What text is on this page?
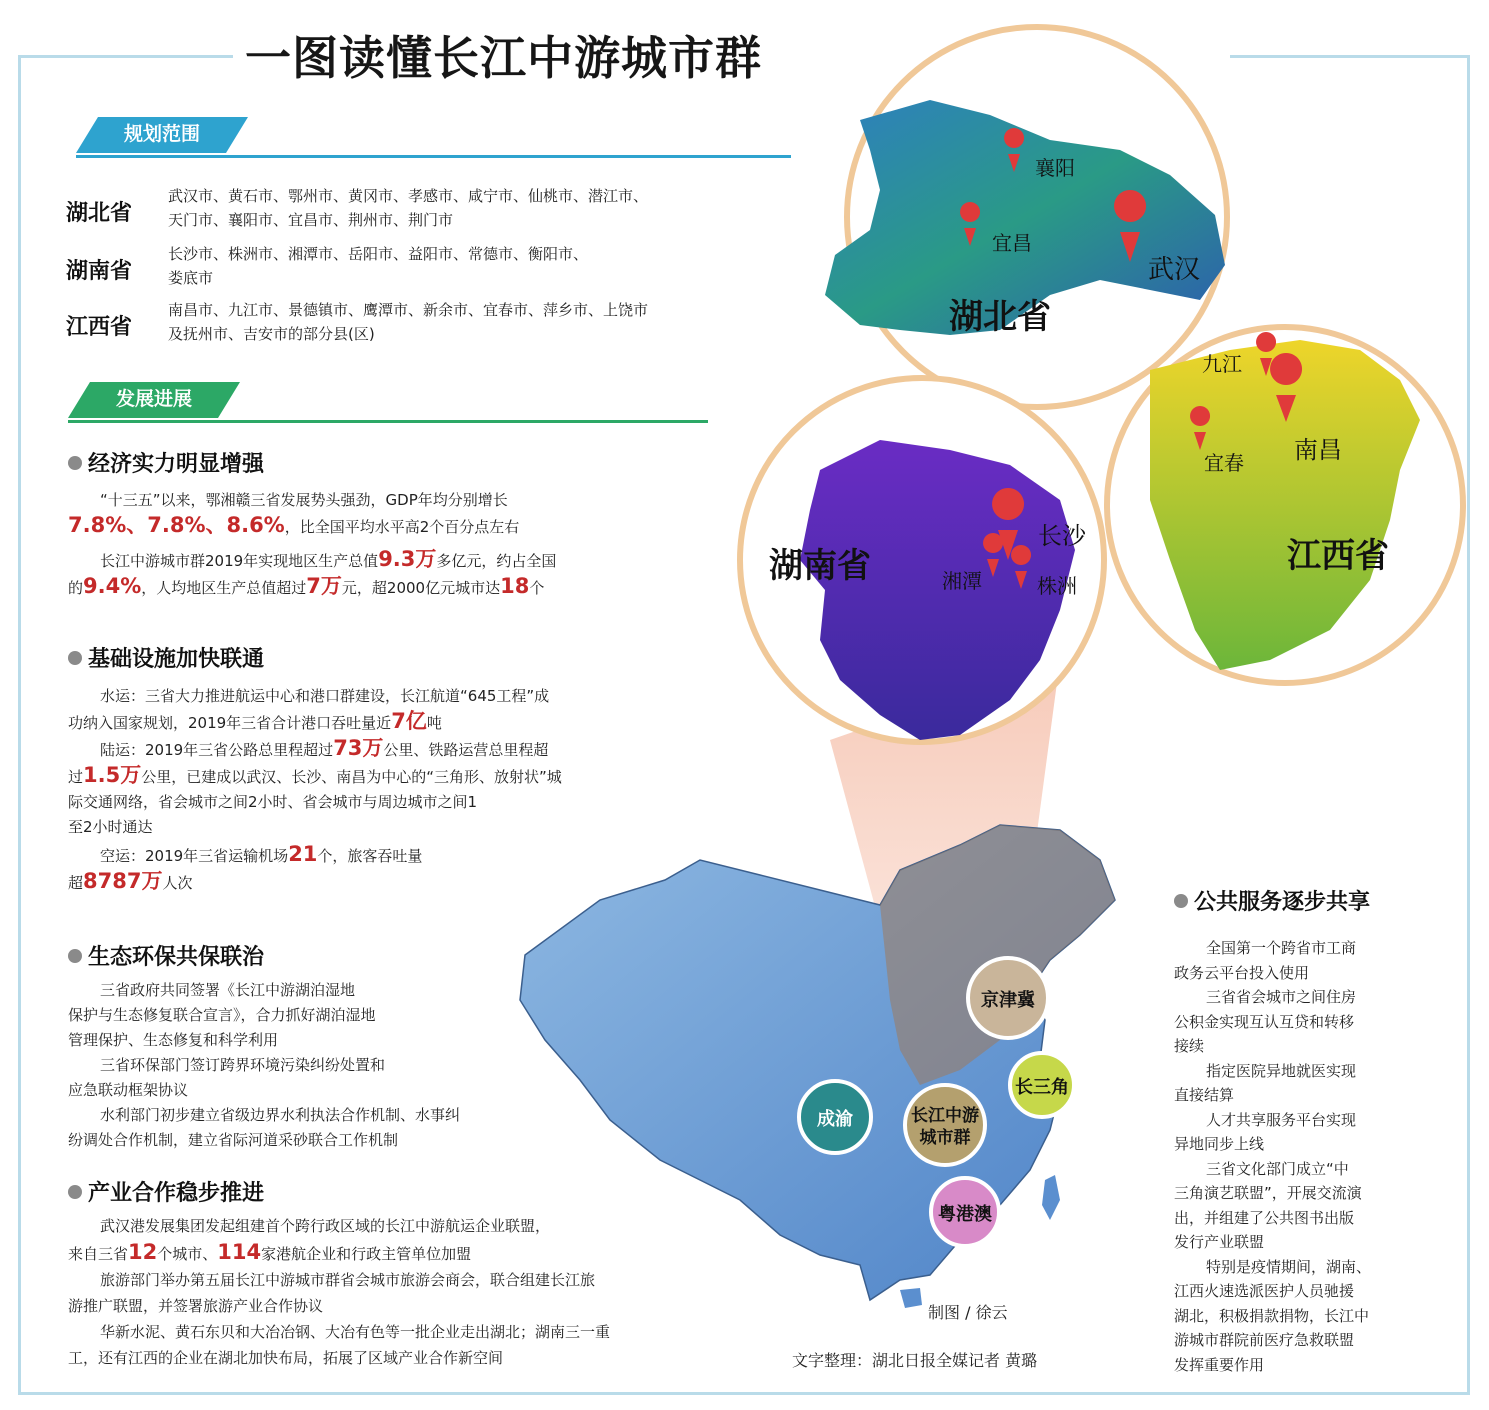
一图读懂长江中游城市群
规划范围
湖北省
武汉市、黄石市、鄂州市、黄冈市、孝感市、咸宁市、仙桃市、潜江市、
天门市、襄阳市、宜昌市、荆州市、荆门市
湖南省
长沙市、株洲市、湘潭市、岳阳市、益阳市、常德市、衡阳市、
娄底市
江西省
南昌市、九江市、景德镇市、鹰潭市、新余市、宜春市、萍乡市、上饶市
及抚州市、吉安市的部分县(区)
发展进展
经济实力明显增强
“十三五”以来，鄂湘赣三省发展势头强劲，GDP年均分别增长
7.8%、7.8%、8.6%，比全国平均水平高2个百分点左右
长江中游城市群2019年实现地区生产总值9.3万多亿元，约占全国
的9.4%，人均地区生产总值超过7万元，超2000亿元城市达18个
基础设施加快联通
水运：三省大力推进航运中心和港口群建设，长江航道“645工程”成
功纳入国家规划，2019年三省合计港口吞吐量近7亿吨
陆运：2019年三省公路总里程超过73万公里、铁路运营总里程超
过1.5万公里，已建成以武汉、长沙、南昌为中心的“三角形、放射状”城
际交通网络，省会城市之间2小时、省会城市与周边城市之间1
至2小时通达
空运：2019年三省运输机场21个，旅客吞吐量
超8787万人次
生态环保共保联治
三省政府共同签署《长江中游湖泊湿地
保护与生态修复联合宣言》，合力抓好湖泊湿地
管理保护、生态修复和科学利用
三省环保部门签订跨界环境污染纠纷处置和
应急联动框架协议
水利部门初步建立省级边界水利执法合作机制、水事纠
纷调处合作机制，建立省际河道采砂联合工作机制
产业合作稳步推进
武汉港发展集团发起组建首个跨行政区域的长江中游航运企业联盟，
来自三省12个城市、114家港航企业和行政主管单位加盟
旅游部门举办第五届长江中游城市群省会城市旅游会商会，联合组建长江旅
游推广联盟，并签署旅游产业合作协议
华新水泥、黄石东贝和大冶冶钢、大冶有色等一批企业走出湖北；湖南三一重
工，还有江西的企业在湖北加快布局，拓展了区域产业合作新空间
京津冀
长三角
成渝	长江中游
城市群
粤港澳
湖北省
襄阳
宜昌
武汉
湖南省
长沙
湘潭	株洲
江西省
九江
南昌
宜春
公共服务逐步共享
全国第一个跨省市工商
政务云平台投入使用
三省省会城市之间住房
公积金实现互认互贷和转移
接续
指定医院异地就医实现
直接结算
人才共享服务平台实现
异地同步上线
三省文化部门成立“中
三角演艺联盟”，开展交流演
出，并组建了公共图书出版
发行产业联盟
特别是疫情期间，湖南、
江西火速选派医护人员驰援
湖北，积极捐款捐物，长江中
游城市群院前医疗急救联盟
发挥重要作用
制图 / 徐云
文字整理：湖北日报全媒记者 黄璐
